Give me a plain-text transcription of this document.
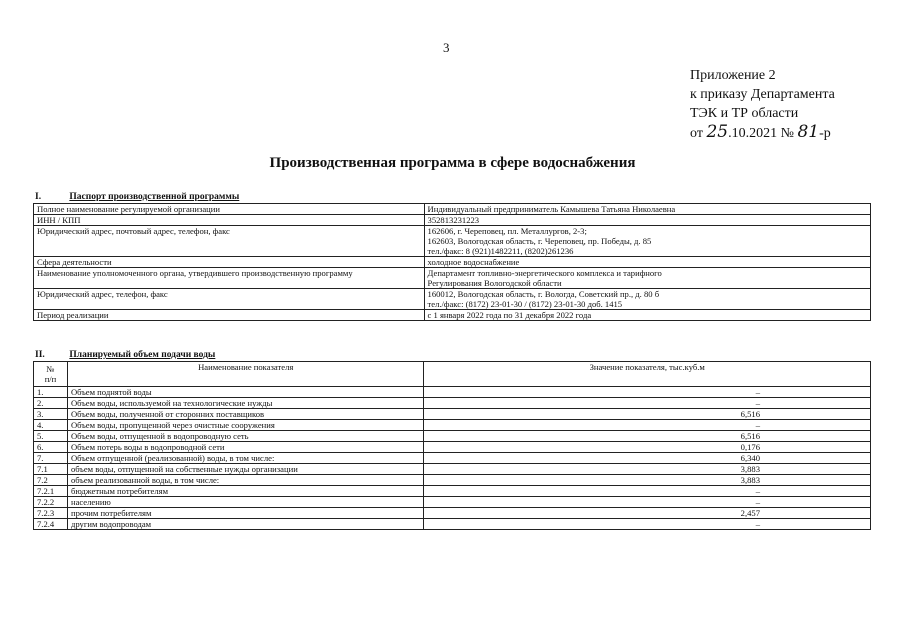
3
Приложение 2
к приказу Департамента
ТЭК и ТР области
от 25.10.2021 № 81-р
Производственная программа в сфере водоснабжения
I.	Паспорт производственной программы
Полное наименование регулируемой организации	Индивидуальный предприниматель Камышева Татьяна Николаевна

ИНН / КПП	352813231223

Юридический адрес, почтовый адрес, телефон, факс	162606, г. Череповец, пл. Металлургов, 2-3;
162603, Вологодская область, г. Череповец, пр. Победы, д. 85
тел./факс: 8 (921)1482211, (8202)261236

Сфера деятельности	холодное водоснабжение

Наименование уполномоченного органа, утвердившего производственную программу	Департамент топливно-энергетического комплекса и тарифного
Регулирования Вологодской области

Юридический адрес, телефон, факс	160012, Вологодская область, г. Вологда, Советский пр., д. 80 б
тел./факс: (8172) 23-01-30 / (8172) 23-01-30 доб. 1415

Период реализации	с 1 января 2022 года по 31 декабря 2022 года
II.	Планируемый объем подачи воды
№
п/п	Наименование показателя	Значение показателя, тыс.куб.м
1.	Объем поднятой воды	–
2.	Объем воды, используемой на технологические нужды	–
3.	Объем воды, полученной от сторонних поставщиков	6,516
4.	Объем воды, пропущенной через очистные сооружения	–
5.	Объем воды, отпущенной в водопроводную сеть	6,516
6.	Объем потерь воды в водопроводной сети	0,176
7.	Объем отпущенной (реализованной) воды, в том числе:	6,340
7.1	объем воды, отпущенной на собственные нужды организации	3,883
7.2	объем реализованной воды, в том числе:	3,883
7.2.1	бюджетным потребителям	–
7.2.2	населению	–
7.2.3	прочим потребителям	2,457
7.2.4	другим водопроводам	–
